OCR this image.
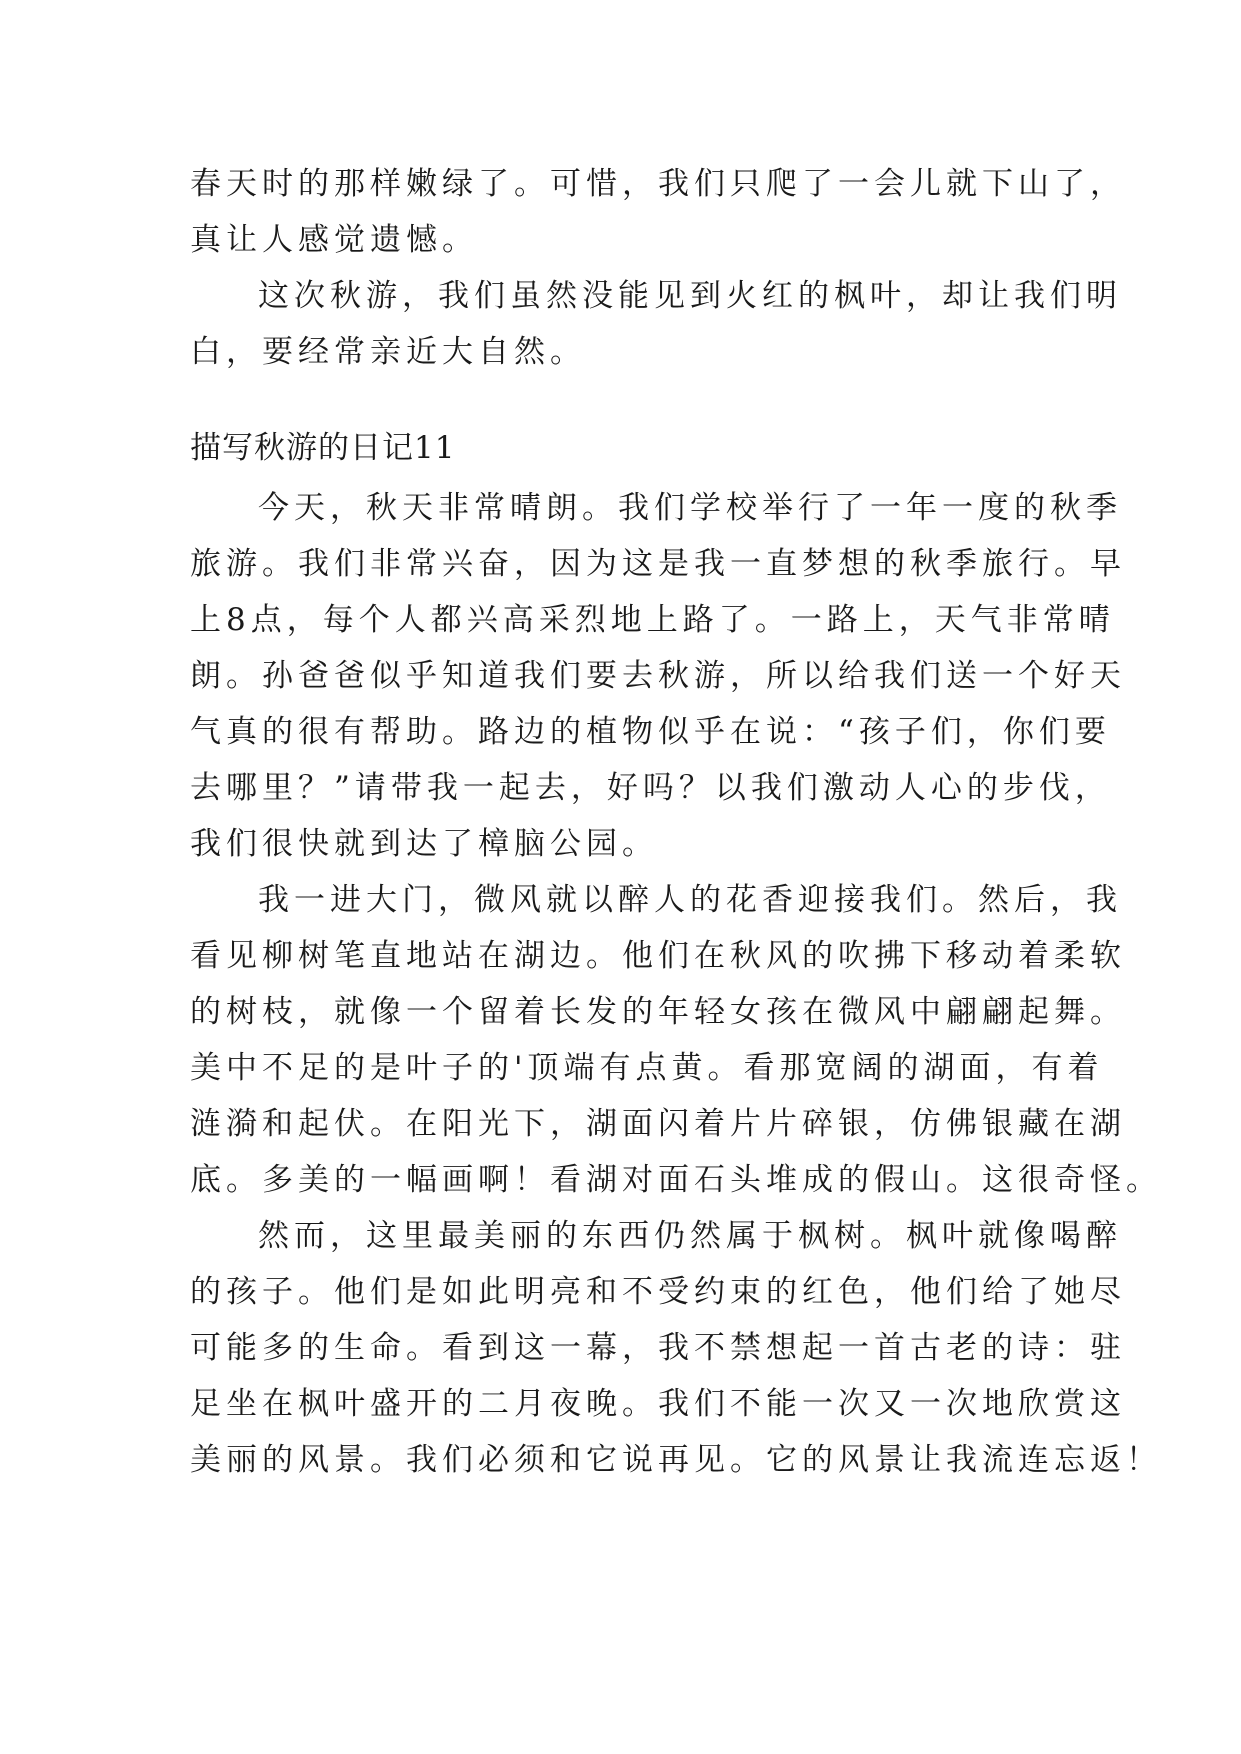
春天时的那样嫩绿了。可惜，我们只爬了一会儿就下山了，
真让人感觉遗憾。
这次秋游，我们虽然没能见到火红的枫叶，却让我们明
白，要经常亲近大自然。
描写秋游的日记11
今天，秋天非常晴朗。我们学校举行了一年一度的秋季
旅游。我们非常兴奋，因为这是我一直梦想的秋季旅行。早
上8点，每个人都兴高采烈地上路了。一路上，天气非常晴
朗。孙爸爸似乎知道我们要去秋游，所以给我们送一个好天
气真的很有帮助。路边的植物似乎在说：“孩子们，你们要
去哪里？”请带我一起去，好吗？以我们激动人心的步伐，
我们很快就到达了樟脑公园。
我一进大门，微风就以醉人的花香迎接我们。然后，我
看见柳树笔直地站在湖边。他们在秋风的吹拂下移动着柔软
的树枝，就像一个留着长发的年轻女孩在微风中翩翩起舞。
美中不足的是叶子的'顶端有点黄。看那宽阔的湖面，有着
涟漪和起伏。在阳光下，湖面闪着片片碎银，仿佛银藏在湖
底。多美的一幅画啊！看湖对面石头堆成的假山。这很奇怪。
然而，这里最美丽的东西仍然属于枫树。枫叶就像喝醉
的孩子。他们是如此明亮和不受约束的红色，他们给了她尽
可能多的生命。看到这一幕，我不禁想起一首古老的诗：驻
足坐在枫叶盛开的二月夜晚。我们不能一次又一次地欣赏这
美丽的风景。我们必须和它说再见。它的风景让我流连忘返！
